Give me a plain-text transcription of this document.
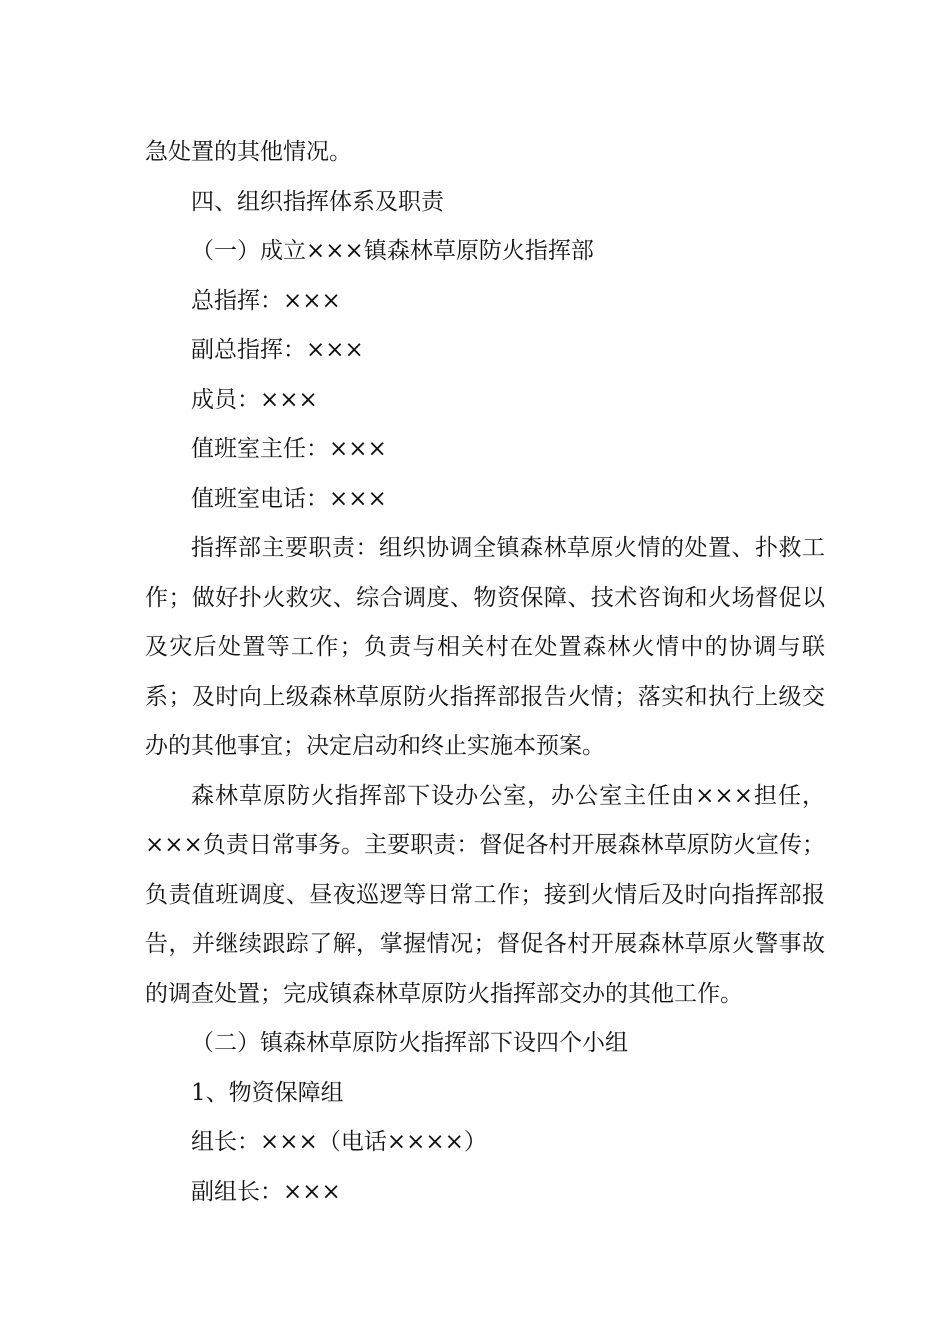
急处置的其他情况。
四、组织指挥体系及职责
（一）成立×××镇森林草原防火指挥部
总指挥：×××
副总指挥：×××
成员：×××
值班室主任：×××
值班室电话：×××

指挥部主要职责：组织协调全镇森林草原火情的处置、扑救工作；做好扑火救灾、综合调度、物资保障、技术咨询和火场督促以及灾后处置等工作；负责与相关村在处置森林火情中的协调与联系；及时向上级森林草原防火指挥部报告火情；落实和执行上级交办的其他事宜；决定启动和终止实施本预案。

森林草原防火指挥部下设办公室，办公室主任由×××担任，×××负责日常事务。主要职责：督促各村开展森林草原防火宣传；负责值班调度、昼夜巡逻等日常工作；接到火情后及时向指挥部报告，并继续跟踪了解，掌握情况；督促各村开展森林草原火警事故的调查处置；完成镇森林草原防火指挥部交办的其他工作。

（二）镇森林草原防火指挥部下设四个小组
1、物资保障组
组长：×××（电话××××）
副组长：×××
